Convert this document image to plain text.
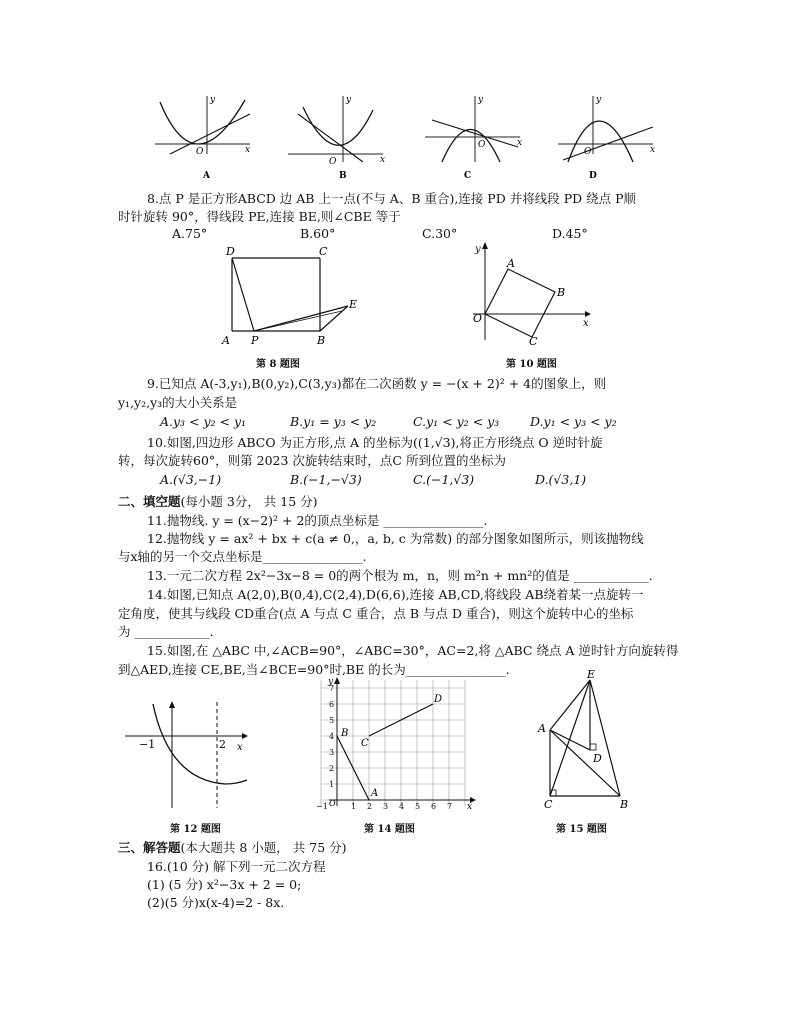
y
x
O
A
y
x
O
B
y
x
O
C
y
x
O
D
8.点 P 是正方形ABCD 边 AB 上一点(不与 A、B 重合),连接 PD 并将线段 PD 绕点 P顺
时针旋转 90°，得线段 PE,连接 BE,则∠CBE 等于
A.75°	B.60°	C.30°	D.45°
D	C
A P	B
E
第 8 题图
y
x
O
A
B
C
第 10 题图
9.已知点 A(-3,y₁),B(0,y₂),C(3,y₃)都在二次函数 y = −(x + 2)² + 4的图象上，则
y₁,y₂,y₃的大小关系是
A.y₃ < y₂ < y₁	B.y₁ = y₃ < y₂	C.y₁ < y₂ < y₃ D.y₁ < y₃ < y₂
10.如图,四边形 ABCO 为正方形,点 A 的坐标为((1,√3),将正方形绕点 O 逆时针旋
转，每次旋转60°，则第 2023 次旋转结束时，点C 所到位置的坐标为
A.(√3,−1)	B.(−1,−√3)	C.(−1,√3)	D.(√3,1)
二、填空题(每小题 3分， 共 15 分)
11.抛物线. y = (x−2)² + 2的顶点坐标是 ________________.
12.抛物线 y = ax² + bx + c(a ≠ 0,，a, b, c 为常数) 的部分图象如图所示，则该抛物线
与x轴的另一个交点坐标是________________.
13.一元二次方程 2x²−3x−8 = 0的两个根为 m，n，则 m²n + mn²的值是 ____________.
14.如图,已知点 A(2,0),B(0,4),C(2,4),D(6,6),连接 AB,CD,将线段 AB绕着某一点旋转一
定角度，使其与线段 CD重合(点 A 与点 C 重合，点 B 与点 D 重合)，则这个旋转中心的坐标
为 ____________.
15.如图,在 △ABC 中,∠ACB=90°，∠ABC=30°，AC=2,将 △ABC 绕点 A 逆时针方向旋转得
到△AED,连接 CE,BE,当∠BCE=90°时,BE 的长为________________.
−1	2 x
第 12 题图
7
6
5
4
3
2
1
1 2 3 4 5 6 7
O
−1
y
x
A
B
C
D
第 14 题图
E
A
D
C	B
第 15 题图
三、解答题(本大题共 8 小题， 共 75 分)
16.(10 分) 解下列一元二次方程
(1) (5 分) x²−3x + 2 = 0;
(2)(5 分)x(x-4)=2 - 8x.
